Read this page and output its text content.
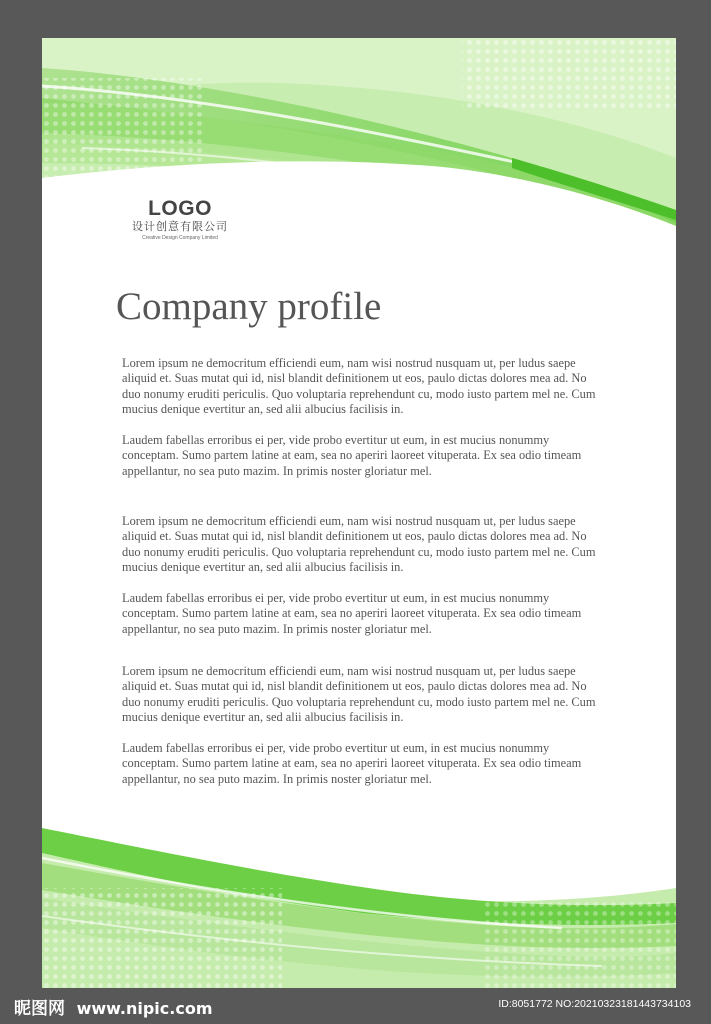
LOGO
设计创意有限公司
Creative Design Company Limited
Company profile

Lorem ipsum ne democritum efficiendi eum, nam wisi nostrud nusquam ut, per ludus saepe aliquid et. Suas mutat qui id, nisl blandit definitionem ut eos, paulo dictas dolores mea ad. No duo nonumy eruditi periculis. Quo voluptaria reprehendunt cu, modo iusto partem mel ne. Cum mucius denique evertitur an, sed alii albucius facilisis in.

Laudem fabellas erroribus ei per, vide probo evertitur ut eum, in est mucius nonummy conceptam. Sumo partem latine at eam, sea no aperiri laoreet vituperata. Ex sea odio timeam appellantur, no sea puto mazim. In primis noster gloriatur mel.

Lorem ipsum ne democritum efficiendi eum, nam wisi nostrud nusquam ut, per ludus saepe aliquid et. Suas mutat qui id, nisl blandit definitionem ut eos, paulo dictas dolores mea ad. No duo nonumy eruditi periculis. Quo voluptaria reprehendunt cu, modo iusto partem mel ne. Cum mucius denique evertitur an, sed alii albucius facilisis in.

Laudem fabellas erroribus ei per, vide probo evertitur ut eum, in est mucius nonummy conceptam. Sumo partem latine at eam, sea no aperiri laoreet vituperata. Ex sea odio timeam appellantur, no sea puto mazim. In primis noster gloriatur mel.

Lorem ipsum ne democritum efficiendi eum, nam wisi nostrud nusquam ut, per ludus saepe aliquid et. Suas mutat qui id, nisl blandit definitionem ut eos, paulo dictas dolores mea ad. No duo nonumy eruditi periculis. Quo voluptaria reprehendunt cu, modo iusto partem mel ne. Cum mucius denique evertitur an, sed alii albucius facilisis in.

Laudem fabellas erroribus ei per, vide probo evertitur ut eum, in est mucius nonummy conceptam. Sumo partem latine at eam, sea no aperiri laoreet vituperata. Ex sea odio timeam appellantur, no sea puto mazim. In primis noster gloriatur mel.

昵图网 www.nipic.com	ID:8051772 NO:20210323181443734103
